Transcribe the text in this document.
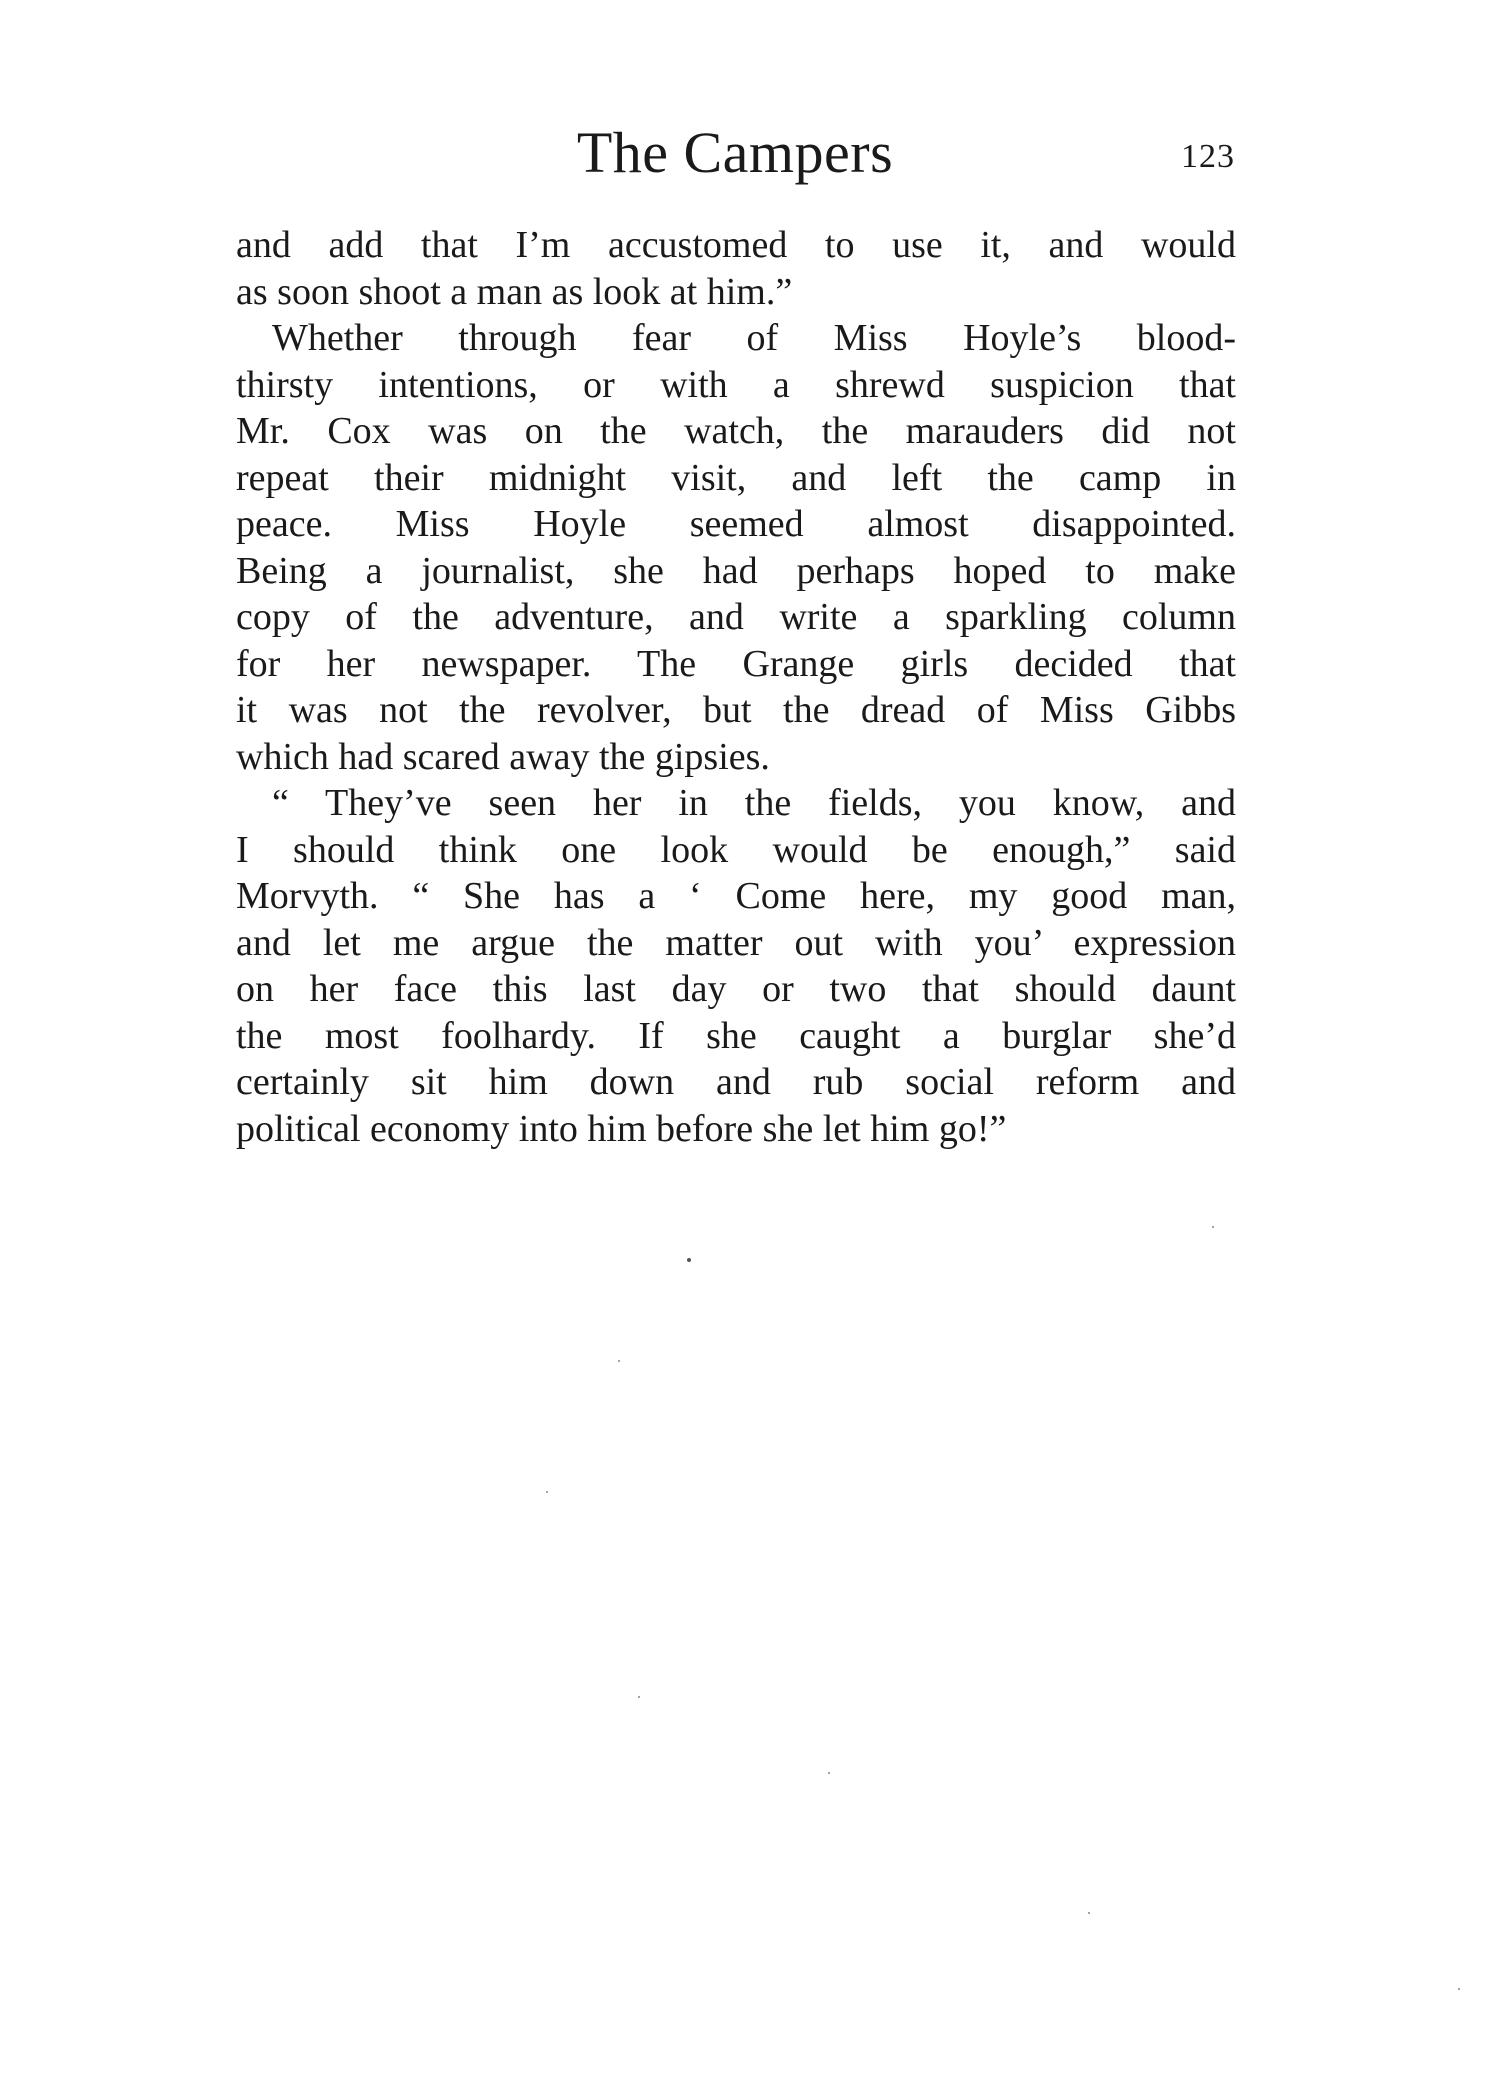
The Campers	123
and add that I’m accustomed to use it, and would
as soon shoot a man as look at him.”
Whether through fear of Miss Hoyle’s blood-
thirsty intentions, or with a shrewd suspicion that
Mr. Cox was on the watch, the marauders did not
repeat their midnight visit, and left the camp in
peace. Miss Hoyle seemed almost disappointed.
Being a journalist, she had perhaps hoped to make
copy of the adventure, and write a sparkling column
for her newspaper. The Grange girls decided that
it was not the revolver, but the dread of Miss Gibbs
which had scared away the gipsies.
“ They’ve seen her in the fields, you know, and
I should think one look would be enough,” said
Morvyth. “ She has a ‘ Come here, my good man,
and let me argue the matter out with you’ expression
on her face this last day or two that should daunt
the most foolhardy. If she caught a burglar she’d
certainly sit him down and rub social reform and
political economy into him before she let him go!”
